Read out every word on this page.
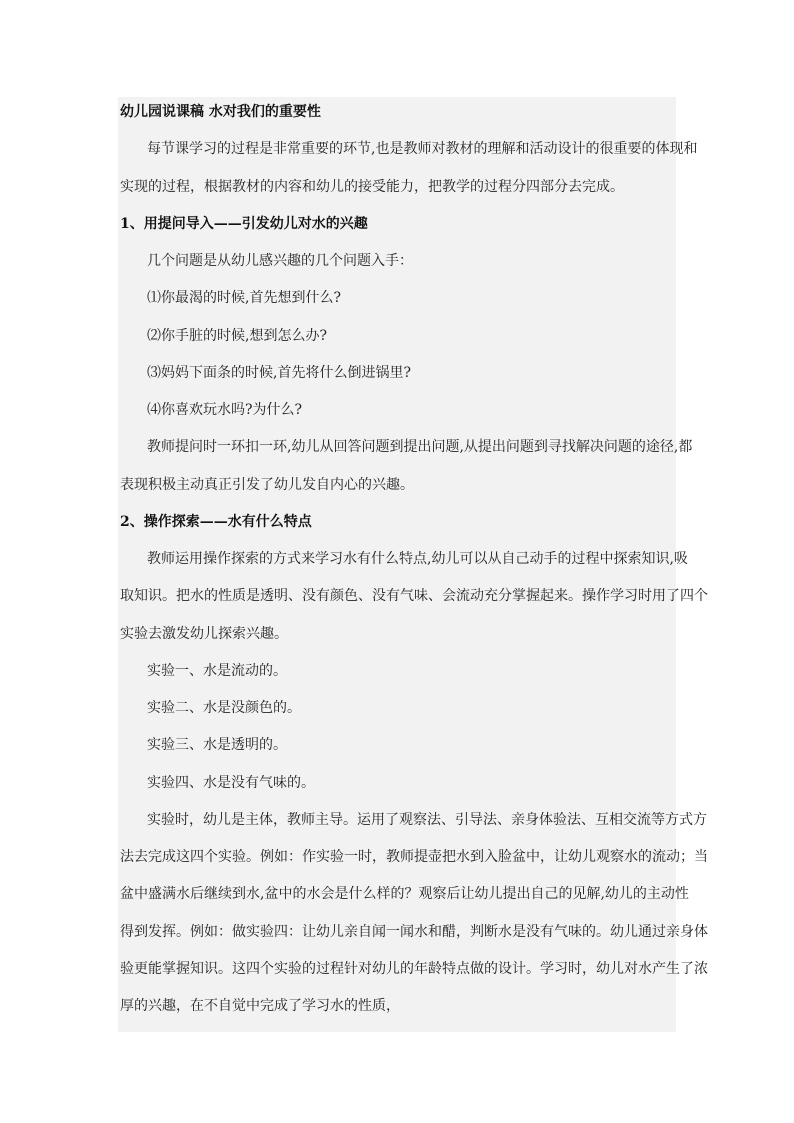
幼儿园说课稿 水对我们的重要性
每节课学习的过程是非常重要的环节,也是教师对教材的理解和活动设计的很重要的体现和
实现的过程，根据教材的内容和幼儿的接受能力，把教学的过程分四部分去完成。
1、用提问导入——引发幼儿对水的兴趣
几个问题是从幼儿感兴趣的几个问题入手：
⑴你最渴的时候,首先想到什么?
⑵你手脏的时候,想到怎么办?
⑶妈妈下面条的时候,首先将什么倒进锅里?
⑷你喜欢玩水吗?为什么?
教师提问时一环扣一环,幼儿从回答问题到提出问题,从提出问题到寻找解决问题的途径,都
表现积极主动真正引发了幼儿发自内心的兴趣。
2、操作探索——水有什么特点
教师运用操作探索的方式来学习水有什么特点,幼儿可以从自己动手的过程中探索知识,吸
取知识。把水的性质是透明、没有颜色、没有气味、会流动充分掌握起来。操作学习时用了四个
实验去激发幼儿探索兴趣。
实验一、水是流动的。
实验二、水是没颜色的。
实验三、水是透明的。
实验四、水是没有气味的。
实验时，幼儿是主体，教师主导。运用了观察法、引导法、亲身体验法、互相交流等方式方
法去完成这四个实验。例如：作实验一时，教师提壶把水到入脸盆中，让幼儿观察水的流动；当
盆中盛满水后继续到水,盆中的水会是什么样的？观察后让幼儿提出自己的见解,幼儿的主动性
得到发挥。例如：做实验四：让幼儿亲自闻一闻水和醋，判断水是没有气味的。幼儿通过亲身体
验更能掌握知识。这四个实验的过程针对幼儿的年龄特点做的设计。学习时，幼儿对水产生了浓
厚的兴趣，在不自觉中完成了学习水的性质，
